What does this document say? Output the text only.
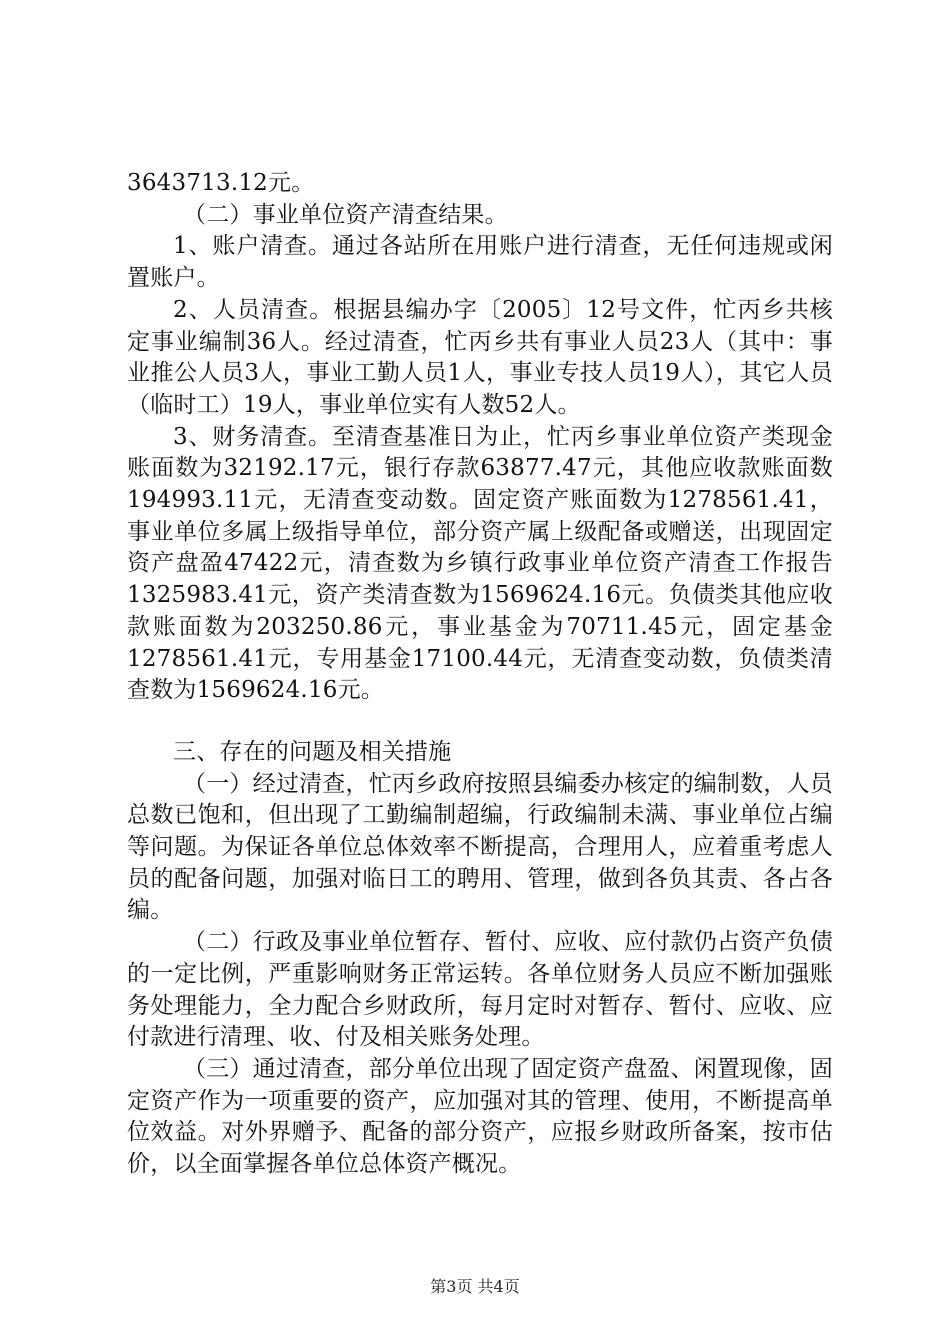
3643713.12元。

（二）事业单位资产清查结果。

1、账户清查。通过各站所在用账户进行清查，无任何违规或闲置账户。

2、人员清查。根据县编办字〔2005〕12号文件，忙丙乡共核定事业编制36人。经过清查，忙丙乡共有事业人员23人（其中：事业推公人员3人，事业工勤人员1人，事业专技人员19人），其它人员（临时工）19人，事业单位实有人数52人。

3、财务清查。至清查基准日为止，忙丙乡事业单位资产类现金账面数为32192.17元，银行存款63877.47元，其他应收款账面数194993.11元，无清查变动数。固定资产账面数为1278561.41，事业单位多属上级指导单位，部分资产属上级配备或赠送，出现固定资产盘盈47422元，清查数为乡镇行政事业单位资产清查工作报告1325983.41元，资产类清查数为1569624.16元。负债类其他应收款账面数为203250.86元，事业基金为70711.45元，固定基金1278561.41元，专用基金17100.44元，无清查变动数，负债类清查数为1569624.16元。

三、存在的问题及相关措施

（一）经过清查，忙丙乡政府按照县编委办核定的编制数，人员总数已饱和，但出现了工勤编制超编，行政编制未满、事业单位占编等问题。为保证各单位总体效率不断提高，合理用人，应着重考虑人员的配备问题，加强对临日工的聘用、管理，做到各负其责、各占各编。

（二）行政及事业单位暂存、暂付、应收、应付款仍占资产负债的一定比例，严重影响财务正常运转。各单位财务人员应不断加强账务处理能力，全力配合乡财政所，每月定时对暂存、暂付、应收、应付款进行清理、收、付及相关账务处理。

（三）通过清查，部分单位出现了固定资产盘盈、闲置现像，固定资产作为一项重要的资产，应加强对其的管理、使用，不断提高单位效益。对外界赠予、配备的部分资产，应报乡财政所备案，按市估价，以全面掌握各单位总体资产概况。

第3页 共4页
